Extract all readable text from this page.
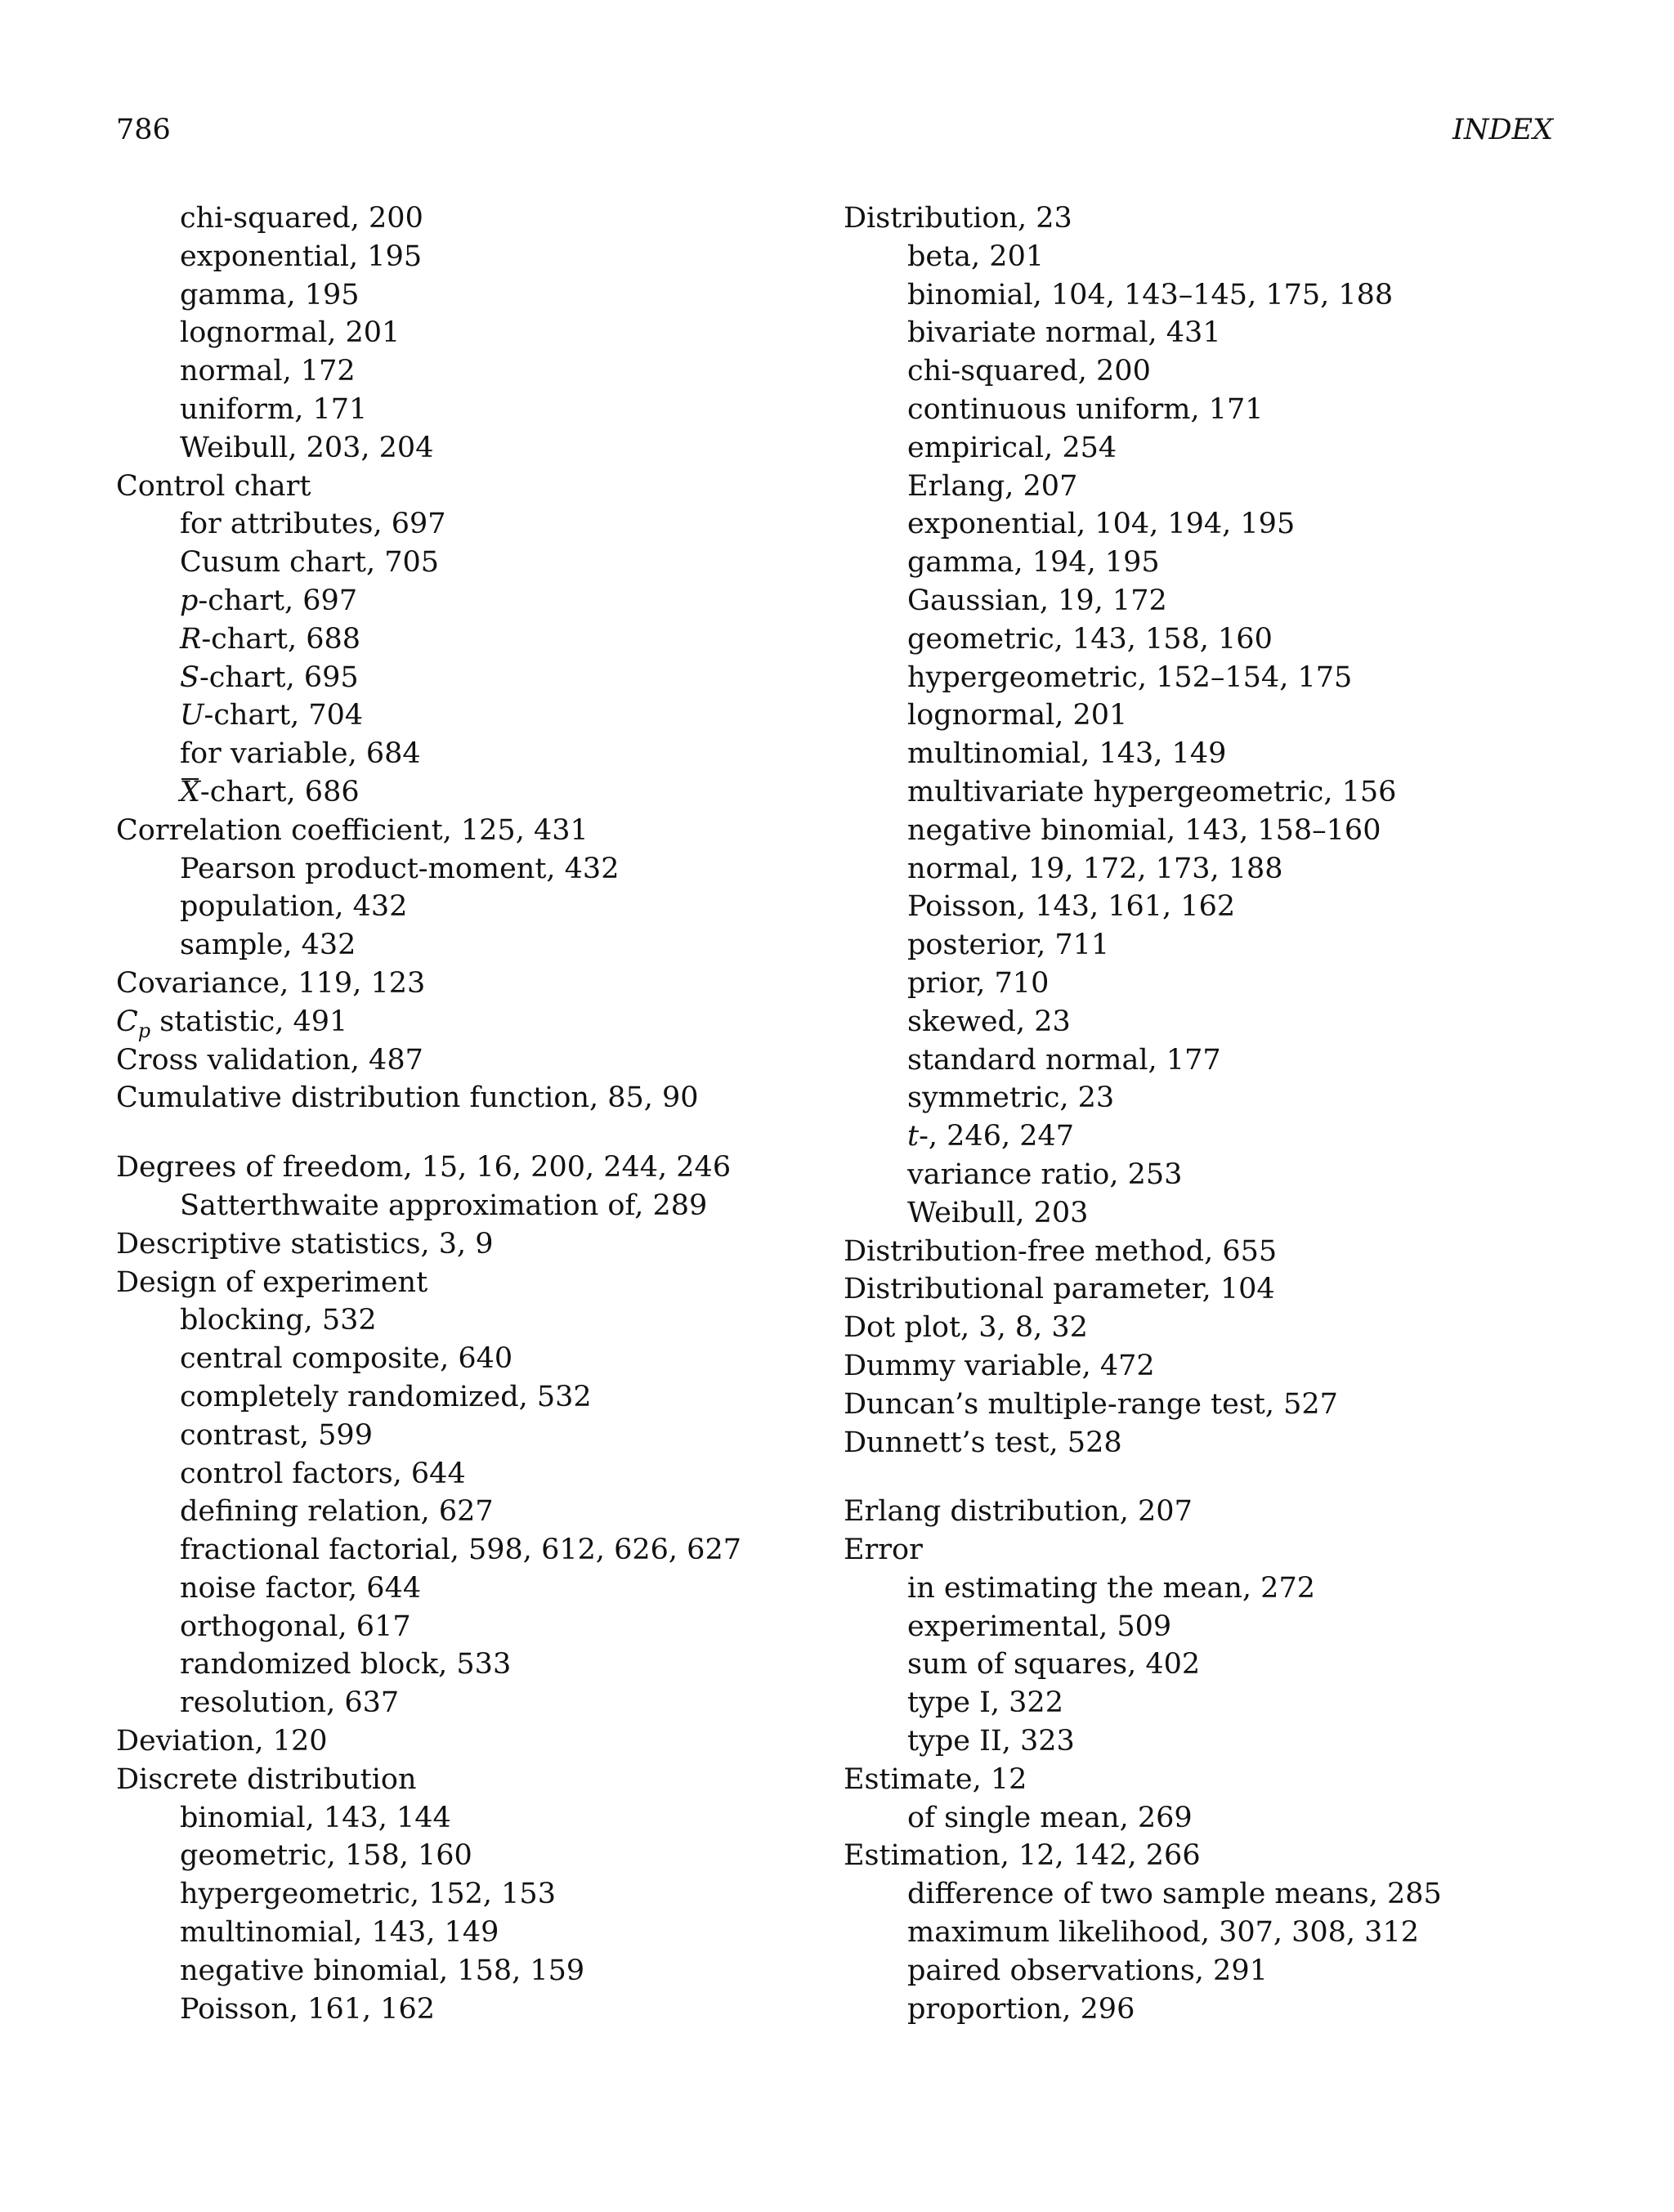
786	INDEX
chi-squared, 200
exponential, 195
gamma, 195
lognormal, 201
normal, 172
uniform, 171
Weibull, 203, 204
Control chart
for attributes, 697
Cusum chart, 705
p-chart, 697
R-chart, 688
S-chart, 695
U-chart, 704
for variable, 684
X-chart, 686
Correlation coefficient, 125, 431
Pearson product-moment, 432
population, 432
sample, 432
Covariance, 119, 123
$C_p$ statistic, 491
Cross validation, 487
Cumulative distribution function, 85, 90
Degrees of freedom, 15, 16, 200, 244, 246
Satterthwaite approximation of, 289
Descriptive statistics, 3, 9
Design of experiment
blocking, 532
central composite, 640
completely randomized, 532
contrast, 599
control factors, 644
defining relation, 627
fractional factorial, 598, 612, 626, 627
noise factor, 644
orthogonal, 617
randomized block, 533
resolution, 637
Deviation, 120
Discrete distribution
binomial, 143, 144
geometric, 158, 160
hypergeometric, 152, 153
multinomial, 143, 149
negative binomial, 158, 159
Poisson, 161, 162
Distribution, 23
beta, 201
binomial, 104, 143–145, 175, 188
bivariate normal, 431
chi-squared, 200
continuous uniform, 171
empirical, 254
Erlang, 207
exponential, 104, 194, 195
gamma, 194, 195
Gaussian, 19, 172
geometric, 143, 158, 160
hypergeometric, 152–154, 175
lognormal, 201
multinomial, 143, 149
multivariate hypergeometric, 156
negative binomial, 143, 158–160
normal, 19, 172, 173, 188
Poisson, 143, 161, 162
posterior, 711
prior, 710
skewed, 23
standard normal, 177
symmetric, 23
t-, 246, 247
variance ratio, 253
Weibull, 203
Distribution-free method, 655
Distributional parameter, 104
Dot plot, 3, 8, 32
Dummy variable, 472
Duncan’s multiple-range test, 527
Dunnett’s test, 528
Erlang distribution, 207
Error
in estimating the mean, 272
experimental, 509
sum of squares, 402
type I, 322
type II, 323
Estimate, 12
of single mean, 269
Estimation, 12, 142, 266
difference of two sample means, 285
maximum likelihood, 307, 308, 312
paired observations, 291
proportion, 296
